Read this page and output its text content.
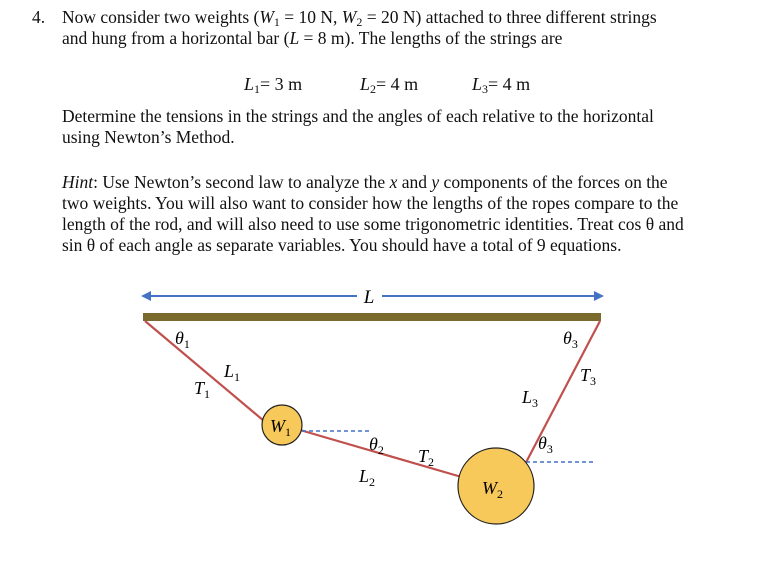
4. Now consider two weights ($W_1 = 10$ N, $W_2 = 20$ N) attached to three different strings
and hung from a horizontal bar (L = 8 m). The lengths of the strings are
$L_1= 3$ m	$L_2= 4$ m	$L_3= 4$ m
Determine the tensions in the strings and the angles of each relative to the horizontal
using Newton’s Method.
Hint: Use Newton’s second law to analyze the x and y components of the forces on the
two weights. You will also want to consider how the lengths of the ropes compare to the
length of the rod, and will also need to use some trigonometric identities. Treat cos θ and
sin θ of each angle as separate variables. You should have a total of 9 equations.
L
$W_1$
$W_2$
$\theta_1$	$\theta_3$
$\theta_2$	$\theta_3$
$L_1$
$L_2$
$L_3$
$T_1$
$T_2$
$T_3$
